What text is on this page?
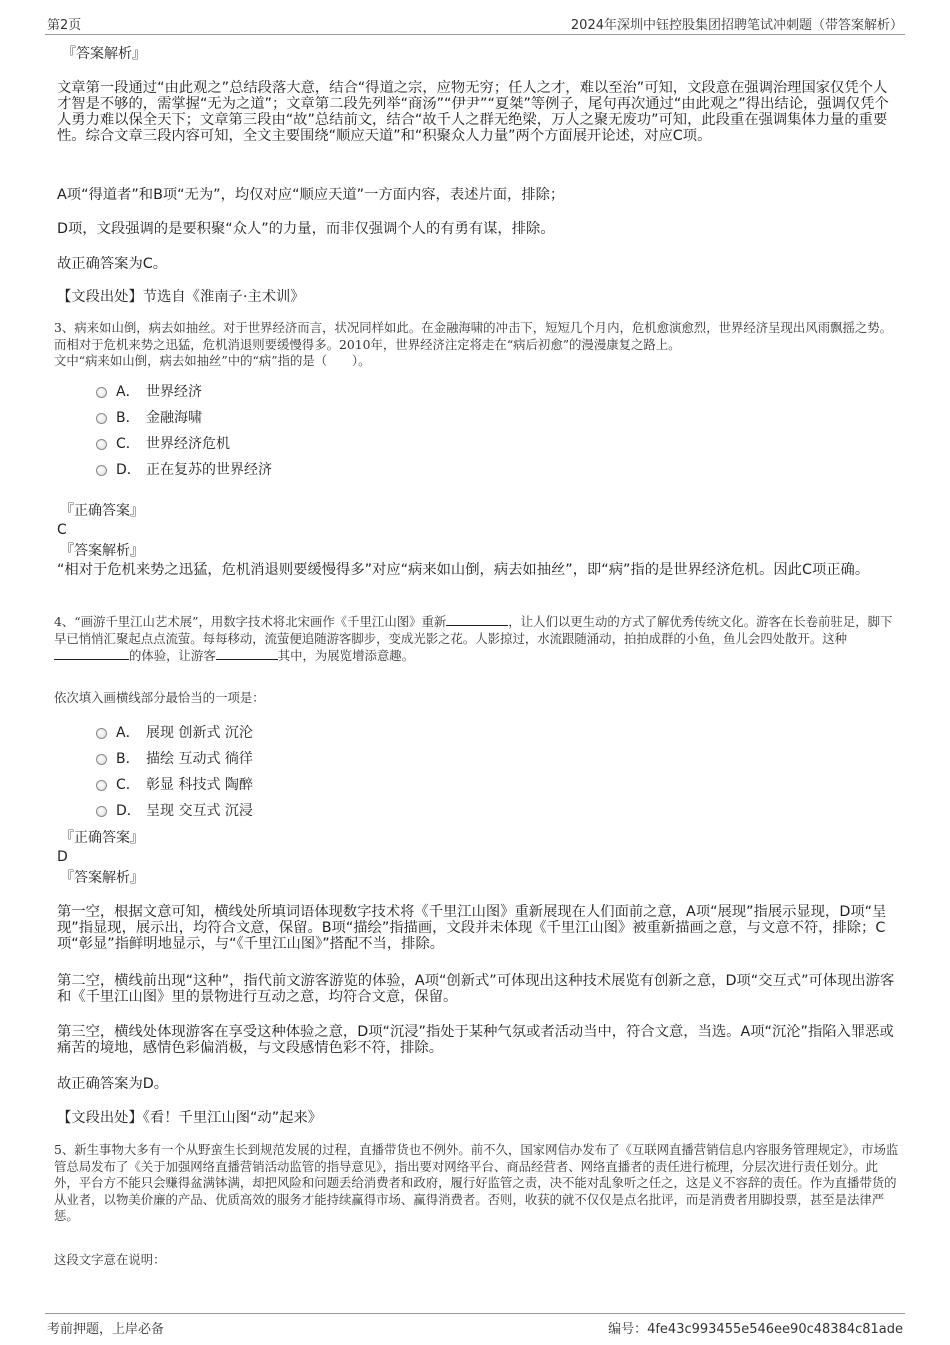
第2页	2024年深圳中钰控股集团招聘笔试冲刺题（带答案解析）
『答案解析』
文章第一段通过“由此观之”总结段落大意，结合“得道之宗，应物无穷；任人之才，难以至治”可知，文段意在强调治理国家仅凭个人才智是不够的，需掌握“无为之道”；文章第二段先列举“商汤”“伊尹”“夏桀”等例子，尾句再次通过“由此观之”得出结论，强调仅凭个人勇力难以保全天下；文章第三段由“故”总结前文，结合“故千人之群无绝梁，万人之聚无废功”可知，此段重在强调集体力量的重要性。综合文章三段内容可知，全文主要围绕“顺应天道”和“积聚众人力量”两个方面展开论述，对应C项。
A项“得道者”和B项“无为”，均仅对应“顺应天道”一方面内容，表述片面，排除；
D项，文段强调的是要积聚“众人”的力量，而非仅强调个人的有勇有谋，排除。
故正确答案为C。
【文段出处】节选自《淮南子·主术训》
3、病来如山倒，病去如抽丝。对于世界经济而言，状况同样如此。在金融海啸的冲击下，短短几个月内，危机愈演愈烈，世界经济呈现出风雨飘摇之势。而相对于危机来势之迅猛，危机消退则要缓慢得多。2010年，世界经济注定将走在“病后初愈”的漫漫康复之路上。
文中“病来如山倒，病去如抽丝”中的“病”指的是（　　）。
A． 世界经济
B． 金融海啸
C． 世界经济危机
D． 正在复苏的世界经济
『正确答案』
C
『答案解析』
“相对于危机来势之迅猛，危机消退则要缓慢得多”对应“病来如山倒，病去如抽丝”，即“病”指的是世界经济危机。因此C项正确。
4、“画游千里江山艺术展”，用数字技术将北宋画作《千里江山图》重新	，让人们以更生动的方式了解优秀传统文化。游客在长卷前驻足，脚下早已悄悄汇聚起点点流萤。每每移动，流萤便追随游客脚步，变成光影之花。人影掠过，水流跟随涌动，拍拍成群的小鱼，鱼儿会四处散开。这种的体验，让游客	其中，为展览增添意趣。
依次填入画横线部分最恰当的一项是：
A． 展现 创新式 沉沦
B． 描绘 互动式 徜徉
C． 彰显 科技式 陶醉
D． 呈现 交互式 沉浸
『正确答案』
D
『答案解析』
第一空，根据文意可知，横线处所填词语体现数字技术将《千里江山图》重新展现在人们面前之意，A项“展现”指展示显现，D项“呈现”指显现，展示出，均符合文意，保留。B项“描绘”指描画，文段并未体现《千里江山图》被重新描画之意，与文意不符，排除；C项“彰显”指鲜明地显示，与“《千里江山图》”搭配不当，排除。
第二空，横线前出现“这种”，指代前文游客游览的体验，A项“创新式”可体现出这种技术展览有创新之意，D项“交互式”可体现出游客和《千里江山图》里的景物进行互动之意，均符合文意，保留。
第三空，横线处体现游客在享受这种体验之意，D项“沉浸”指处于某种气氛或者活动当中，符合文意，当选。A项“沉沦”指陷入罪恶或痛苦的境地，感情色彩偏消极，与文段感情色彩不符，排除。
故正确答案为D。
【文段出处】《看！千里江山图“动”起来》
5、新生事物大多有一个从野蛮生长到规范发展的过程，直播带货也不例外。前不久，国家网信办发布了《互联网直播营销信息内容服务管理规定》，市场监管总局发布了《关于加强网络直播营销活动监管的指导意见》，指出要对网络平台、商品经营者、网络直播者的责任进行梳理，分层次进行责任划分。此外，平台方不能只会赚得盆满钵满，却把风险和问题丢给消费者和政府，履行好监管之责，决不能对乱象听之任之，这是义不容辞的责任。作为直播带货的从业者，以物美价廉的产品、优质高效的服务才能持续赢得市场、赢得消费者。否则，收获的就不仅仅是点名批评，而是消费者用脚投票，甚至是法律严惩。
这段文字意在说明：
考前押题，上岸必备	编号：4fe43c993455e546ee90c48384c81ade
